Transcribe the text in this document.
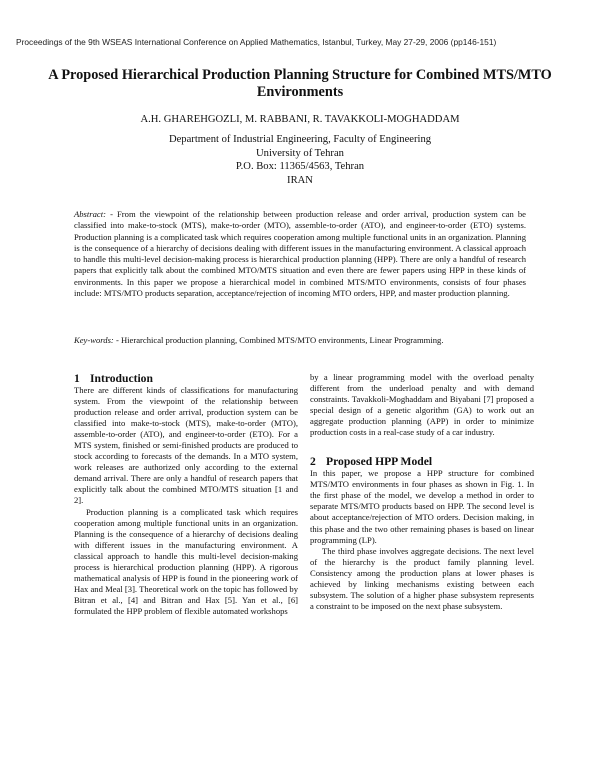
Proceedings of the 9th WSEAS International Conference on Applied Mathematics, Istanbul, Turkey, May 27-29, 2006 (pp146-151)
A Proposed Hierarchical Production Planning Structure for Combined MTS/MTO Environments
A.H. GHAREHGOZLI, M. RABBANI, R. TAVAKKOLI-MOGHADDAM
Department of Industrial Engineering, Faculty of Engineering
University of Tehran
P.O. Box: 11365/4563, Tehran
IRAN
Abstract: - From the viewpoint of the relationship between production release and order arrival, production system can be classified into make-to-stock (MTS), make-to-order (MTO), assemble-to-order (ATO), and engineer-to-order (ETO) systems. Production planning is a complicated task which requires cooperation among multiple functional units in an organization. Planning is the consequence of a hierarchy of decisions dealing with different issues in the manufacturing environment. A classical approach to handle this multi-level decision-making process is hierarchical production planning (HPP). There are only a handful of research papers that explicitly talk about the combined MTO/MTS situation and even there are fewer papers using HPP in these kinds of environments. In this paper we propose a hierarchical model in combined MTS/MTO environments, consists of four phases include: MTS/MTO products separation, acceptance/rejection of incoming MTO orders, HPP, and master production planning.
Key-words: - Hierarchical production planning, Combined MTS/MTO environments, Linear Programming.
1 Introduction

There are different kinds of classifications for manufacturing system. From the viewpoint of the relationship between production release and order arrival, production system can be classified into make-to-stock (MTS), make-to-order (MTO), assemble-to-order (ATO), and engineer-to-order (ETO). For a MTS system, finished or semi-finished products are produced to stock according to forecasts of the demands. In a MTO system, work releases are authorized only according to the external demand arrival. There are only a handful of research papers that explicitly talk about the combined MTO/MTS situation [1 and 2].

Production planning is a complicated task which requires cooperation among multiple functional units in an organization. Planning is the consequence of a hierarchy of decisions dealing with different issues in the manufacturing environment. A classical approach to handle this multi-level decision-making process is hierarchical production planning (HPP). A rigorous mathematical analysis of HPP is found in the pioneering work of Hax and Meal [3]. Theoretical work on the topic has followed by Bitran et al., [4] and Bitran and Hax [5]. Yan et al., [6] formulated the HPP problem of flexible automated workshops

by a linear programming model with the overload penalty different from the underload penalty and with demand constraints. Tavakkoli-Moghaddam and Biyabani [7] proposed a special design of a genetic algorithm (GA) to work out an aggregate production planning (APP) in order to minimize production costs in a real-case study of a car industry.

2 Proposed HPP Model

In this paper, we propose a HPP structure for combined MTS/MTO environments in four phases as shown in Fig. 1. In the first phase of the model, we develop a method in order to separate MTS/MTO products based on HPP. The second level is about acceptance/rejection of MTO orders. Decision making, in this phase and the two other remaining phases is based on linear programming (LP).

The third phase involves aggregate decisions. The next level of the hierarchy is the product family planning level. Consistency among the production plans at lower phases is achieved by linking mechanisms existing between each subsystem. The solution of a higher phase subsystem represents a constraint to be imposed on the next phase subsystem.
